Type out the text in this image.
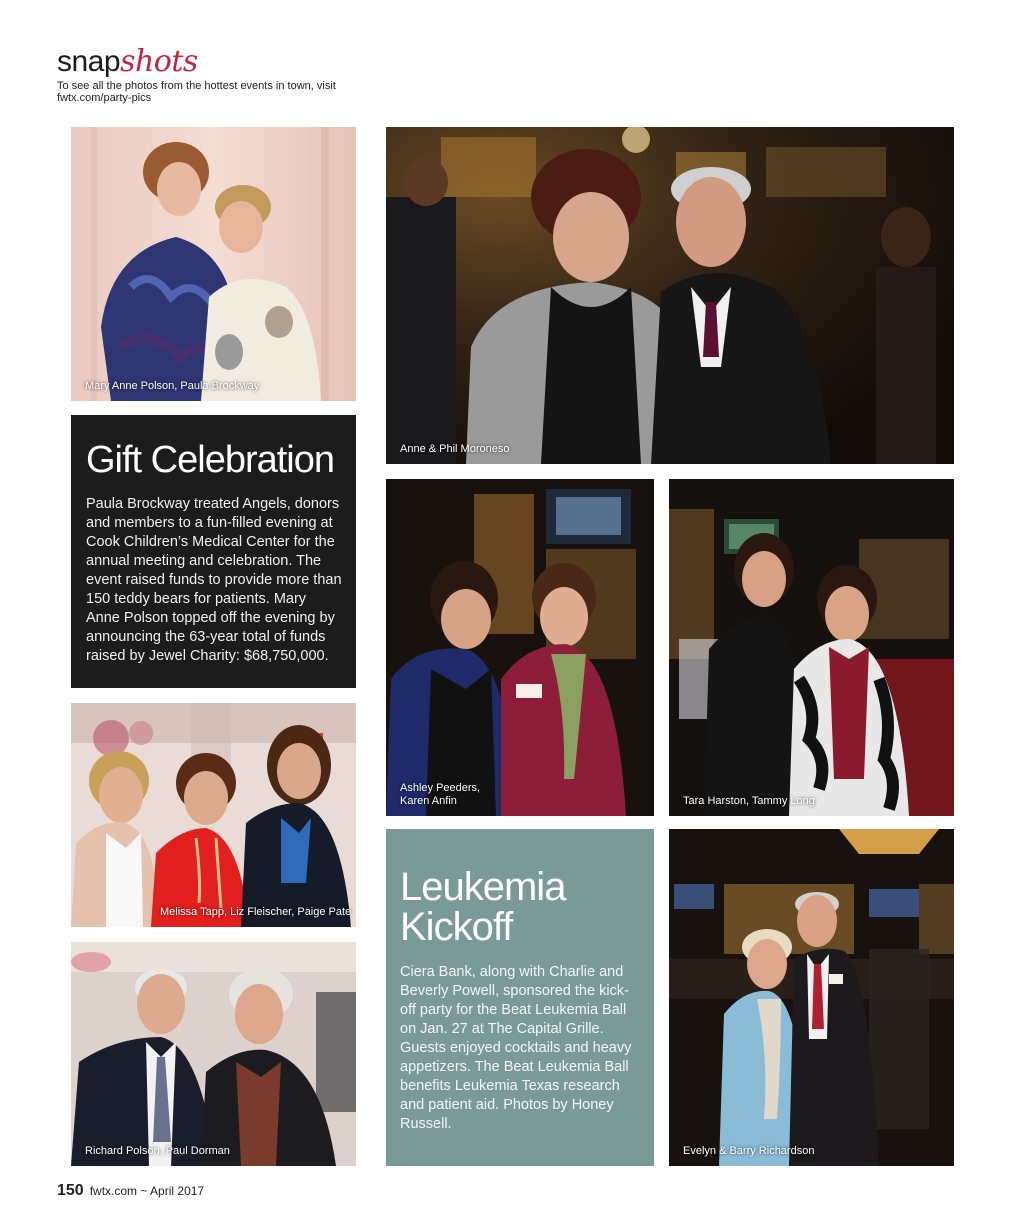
snapshots
To see all the photos from the hottest events in town, visit fwtx.com/party-pics
Mary Anne Polson, Paula Brockway
Anne & Phil Moroneso
Gift Celebration

Paula Brockway treated Angels, donors and members to a fun-filled evening at Cook Children’s Medical Center for the annual meeting and celebration. The event raised funds to provide more than 150 teddy bears for patients. Mary Anne Polson topped off the evening by announcing the 63-year total of funds raised by Jewel Charity: $68,750,000.

Ashley Peeders,
Karen Anfin	Tara Harston, Tammy Long
Melissa Tapp, Liz Fleischer, Paige Pate
Richard Polson, Paul Dorman
Leukemia
Kickoff

Ciera Bank, along with Charlie and Beverly Powell, sponsored the kick-off party for the Beat Leukemia Ball on Jan. 27 at The Capital Grille. Guests enjoyed cocktails and heavy appetizers. The Beat Leukemia Ball benefits Leukemia Texas research and patient aid. Photos by Honey Russell.

Evelyn & Barry Richardson
150 fwtx.com ~ April 2017
